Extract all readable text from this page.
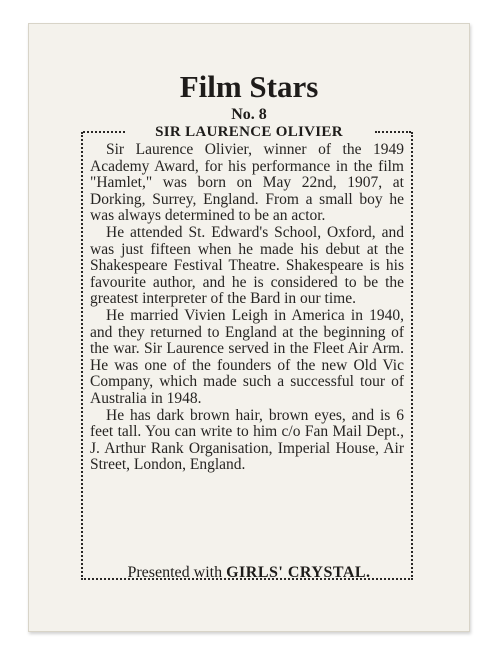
Film Stars
No. 8
SIR LAURENCE OLIVIER

Sir Laurence Olivier, winner of the 1949 Academy Award, for his performance in the film "Hamlet," was born on May 22nd, 1907, at Dorking, Surrey, England. From a small boy he was always determined to be an actor.

He attended St. Edward's School, Oxford, and was just fifteen when he made his debut at the Shakespeare Festival Theatre. Shakespeare is his favourite author, and he is considered to be the greatest interpreter of the Bard in our time.

He married Vivien Leigh in America in 1940, and they returned to England at the beginning of the war. Sir Laurence served in the Fleet Air Arm. He was one of the founders of the new Old Vic Company, which made such a successful tour of Australia in 1948.

He has dark brown hair, brown eyes, and is 6 feet tall. You can write to him c/o Fan Mail Dept., J. Arthur Rank Organisation, Imperial House, Air Street, London, England.

Presented with GIRLS' CRYSTAL.
